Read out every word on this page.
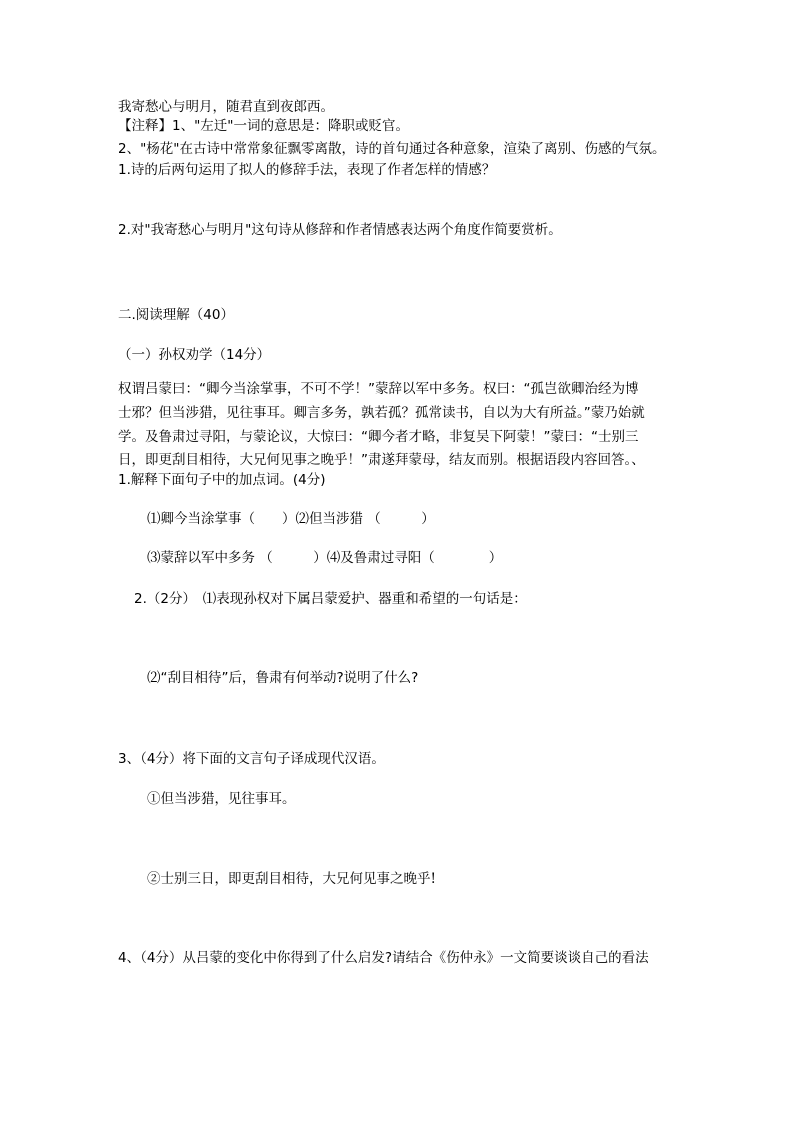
我寄愁心与明月，随君直到夜郎西。
【注释】1、"左迁"一词的意思是：降职或贬官。
2、"杨花"在古诗中常常象征飘零离散，诗的首句通过各种意象，渲染了离别、伤感的气氛。
1.诗的后两句运用了拟人的修辞手法，表现了作者怎样的情感？
2.对"我寄愁心与明月"这句诗从修辞和作者情感表达两个角度作简要赏析。
二.阅读理解（40）
（一）孙权劝学（14分）
权谓吕蒙曰：“卿今当涂掌事，不可不学！”蒙辞以军中多务。权曰：“孤岂欲卿治经为博
士邪？但当涉猎，见往事耳。卿言多务，孰若孤？孤常读书，自以为大有所益。”蒙乃始就
学。及鲁肃过寻阳，与蒙论议，大惊曰：“卿今者才略，非复吴下阿蒙！”蒙曰：“士别三
日，即更刮目相待，大兄何见事之晚乎！”肃遂拜蒙母，结友而别。根据语段内容回答。、
1.解释下面句子中的加点词。(4分)
⑴卿今当涂掌事（　　）⑵但当涉猎 （　　　）
⑶蒙辞以军中多务 （　　　）⑷及鲁肃过寻阳（　　　　）
2.（2分）　⑴表现孙权对下属吕蒙爱护、器重和希望的一句话是：
⑵“刮目相待”后，鲁肃有何举动?说明了什么?
3、（4分）将下面的文言句子译成现代汉语。
①但当涉猎，见往事耳。
②士别三日，即更刮目相待，大兄何见事之晚乎!
4、（4分）从吕蒙的变化中你得到了什么启发?请结合《伤仲永》一文简要谈谈自己的看法
